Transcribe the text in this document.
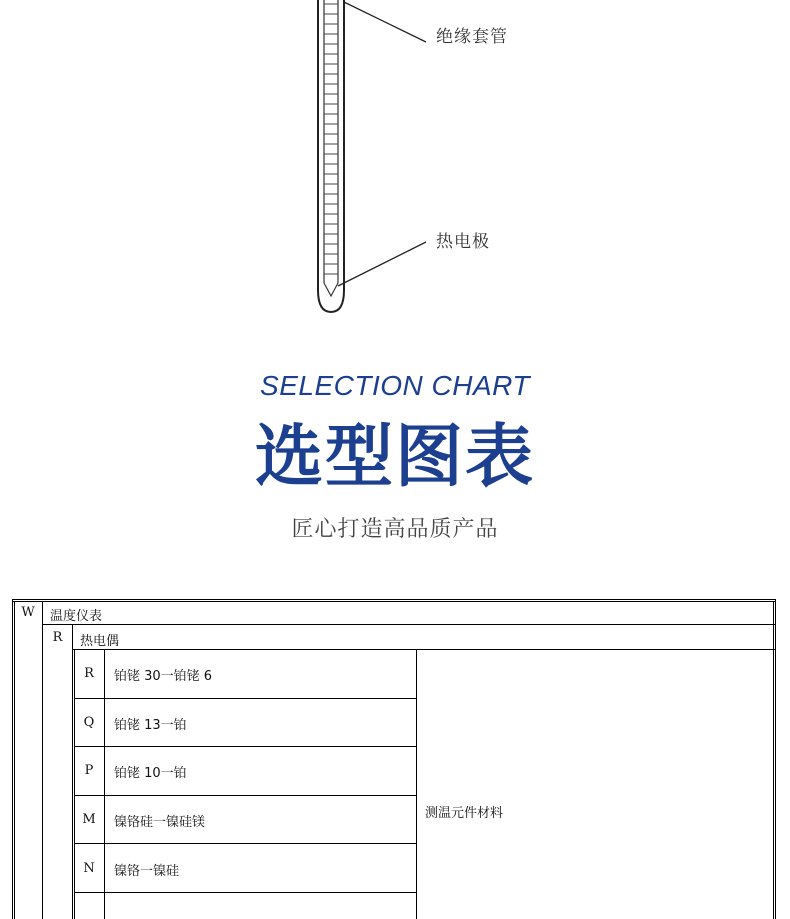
绝缘套管
热电极
SELECTION CHART
选型图表
匠心打造高品质产品
W	温度仪表
R	热电偶
R	铂铑 30一铂铑 6
Q	铂铑 13一铂
P	铂铑 10一铂
M	镍铬硅一镍硅镁
N	镍铬一镍硅
测温元件材料
